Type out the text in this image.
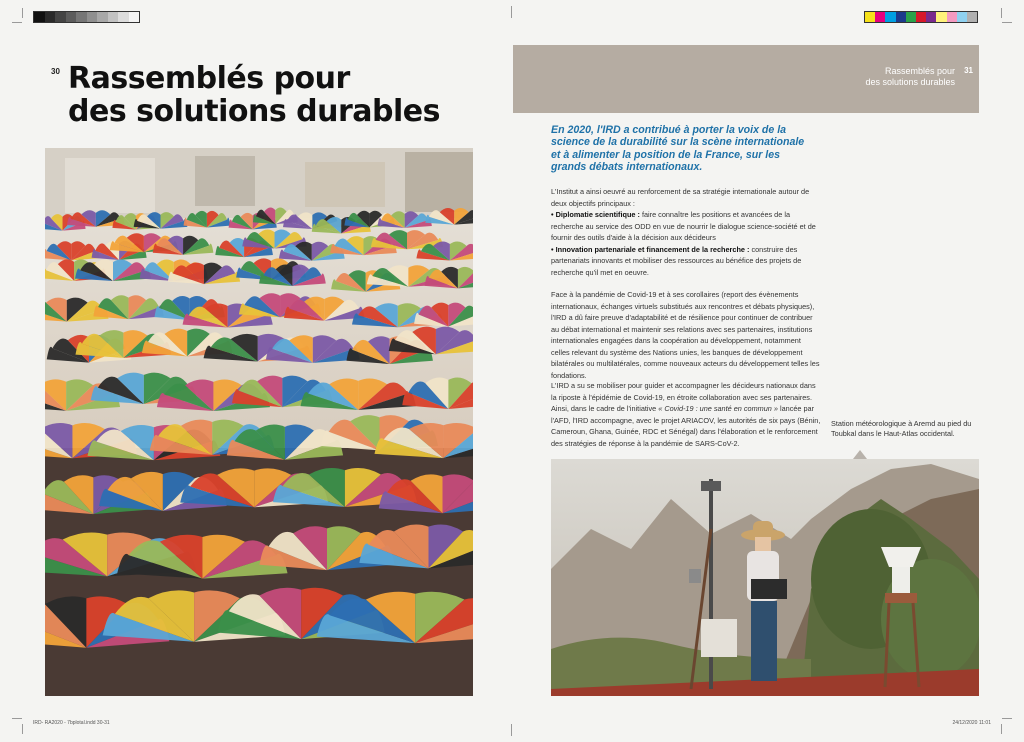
30 Rassemblés pour
des solutions durables
Rassemblés pour
des solutions durables
31

En 2020, l'IRD a contribué à porter la voix de la science de la durabilité sur la scène internationale et à alimenter la position de la France, sur les grands débats internationaux.

L'Institut a ainsi oeuvré au renforcement de sa stratégie internationale autour de deux objectifs principaux :
• Diplomatie scientifique : faire connaître les positions et avancées de la recherche au service des ODD en vue de nourrir le dialogue science-société et de fournir des outils d'aide à la décision aux décideurs
• Innovation partenariale et financement de la recherche : construire des partenariats innovants et mobiliser des ressources au bénéfice des projets de recherche qu'il met en oeuvre.

Face à la pandémie de Covid-19 et à ses corollaires (report des évènements internationaux, échanges virtuels substitués aux rencontres et débats physiques), l'IRD a dû faire preuve d'adaptabilité et de résilience pour continuer de contribuer au débat international et maintenir ses relations avec ses partenaires, institutions internationales engagées dans la coopération au développement, notamment celles relevant du système des Nations unies, les banques de développement bilatérales ou multilatérales, comme nouveaux acteurs du développement telles les fondations.

L'IRD a su se mobiliser pour guider et accompagner les décideurs nationaux dans la riposte à l'épidémie de Covid-19, en étroite collaboration avec ses partenaires. Ainsi, dans le cadre de l'initiative « Covid-19 : une santé en commun » lancée par l'AFD, l'IRD accompagne, avec le projet ARIACOV, les autorités de six pays (Bénin, Cameroun, Ghana, Guinée, RDC et Sénégal) dans l'élaboration et le renforcement des stratégies de réponse à la pandémie de SARS-CoV-2.

Station météorologique à Aremd au pied du Toubkal dans le Haut-Atlas occidental.

IRD- RA2020 - 7bplotal.indd 30-31	24/12/2020 11:01
